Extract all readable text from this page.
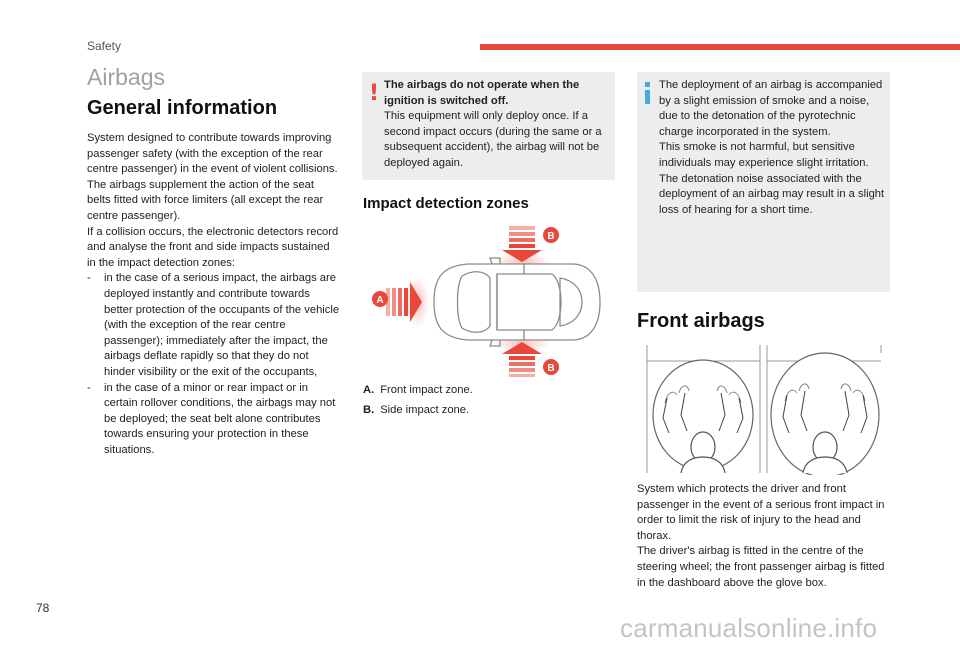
Safety
Airbags
General information

System designed to contribute towards improving passenger safety (with the exception of the rear centre passenger) in the event of violent collisions. The airbags supplement the action of the seat belts fitted with force limiters (all except the rear centre passenger).

If a collision occurs, the electronic detectors record and analyse the front and side impacts sustained in the impact detection zones:

-	in the case of a serious impact, the airbags are deployed instantly and contribute towards better protection of the occupants of the vehicle (with the exception of the rear centre passenger); immediately after the impact, the airbags deflate rapidly so that they do not hinder visibility or the exit of the occupants,
-	in the case of a minor or rear impact or in certain rollover conditions, the airbags may not be deployed; the seat belt alone contributes towards ensuring your protection in these situations.
! The airbags do not operate when the ignition is switched off.

This equipment will only deploy once. If a second impact occurs (during the same or a subsequent accident), the airbag will not be deployed again.

Impact detection zones
B
B
A
A. Front impact zone.
B. Side impact zone.

The deployment of an airbag is accompanied by a slight emission of smoke and a noise, due to the detonation of the pyrotechnic charge incorporated in the system.

This smoke is not harmful, but sensitive individuals may experience slight irritation.

The detonation noise associated with the deployment of an airbag may result in a slight loss of hearing for a short time.

Front airbags

System which protects the driver and front passenger in the event of a serious front impact in order to limit the risk of injury to the head and thorax.

The driver's airbag is fitted in the centre of the steering wheel; the front passenger airbag is fitted in the dashboard above the glove box.

78
carmanualsonline.info
